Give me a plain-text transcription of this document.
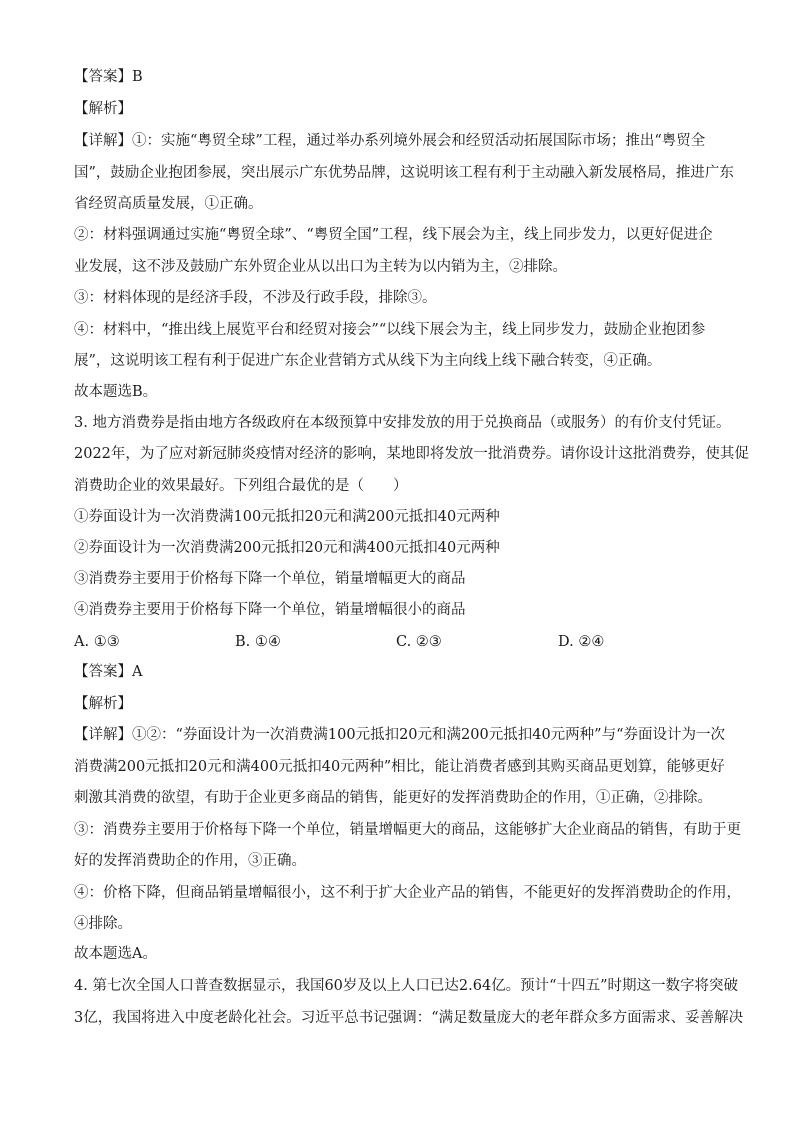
【答案】B
【解析】
【详解】①：实施“粤贸全球”工程，通过举办系列境外展会和经贸活动拓展国际市场；推出“粤贸全
国”，鼓励企业抱团参展，突出展示广东优势品牌，这说明该工程有利于主动融入新发展格局，推进广东
省经贸高质量发展，①正确。
②：材料强调通过实施“粤贸全球”、“粤贸全国”工程，线下展会为主，线上同步发力，以更好促进企
业发展，这不涉及鼓励广东外贸企业从以出口为主转为以内销为主，②排除。
③：材料体现的是经济手段，不涉及行政手段，排除③。
④：材料中，“推出线上展览平台和经贸对接会”“以线下展会为主，线上同步发力，鼓励企业抱团参
展”，这说明该工程有利于促进广东企业营销方式从线下为主向线上线下融合转变，④正确。
故本题选B。
3. 地方消费券是指由地方各级政府在本级预算中安排发放的用于兑换商品（或服务）的有价支付凭证。
2022年，为了应对新冠肺炎疫情对经济的影响，某地即将发放一批消费券。请你设计这批消费券，使其促
消费助企业的效果最好。下列组合最优的是（　　）
①券面设计为一次消费满100元抵扣20元和满200元抵扣40元两种
②券面设计为一次消费满200元抵扣20元和满400元抵扣40元两种
③消费券主要用于价格每下降一个单位，销量增幅更大的商品
④消费券主要用于价格每下降一个单位，销量增幅很小的商品
A. ①③	B. ①④	C. ②③	D. ②④
【答案】A
【解析】
【详解】①②：“券面设计为一次消费满100元抵扣20元和满200元抵扣40元两种”与“券面设计为一次
消费满200元抵扣20元和满400元抵扣40元两种”相比，能让消费者感到其购买商品更划算，能够更好
刺激其消费的欲望，有助于企业更多商品的销售，能更好的发挥消费助企的作用，①正确，②排除。
③：消费券主要用于价格每下降一个单位，销量增幅更大的商品，这能够扩大企业商品的销售，有助于更
好的发挥消费助企的作用，③正确。
④：价格下降，但商品销量增幅很小，这不利于扩大企业产品的销售，不能更好的发挥消费助企的作用，
④排除。
故本题选A。
4. 第七次全国人口普查数据显示，我国60岁及以上人口已达2.64亿。预计“十四五”时期这一数字将突破
3亿，我国将进入中度老龄化社会。习近平总书记强调：“满足数量庞大的老年群众多方面需求、妥善解决
